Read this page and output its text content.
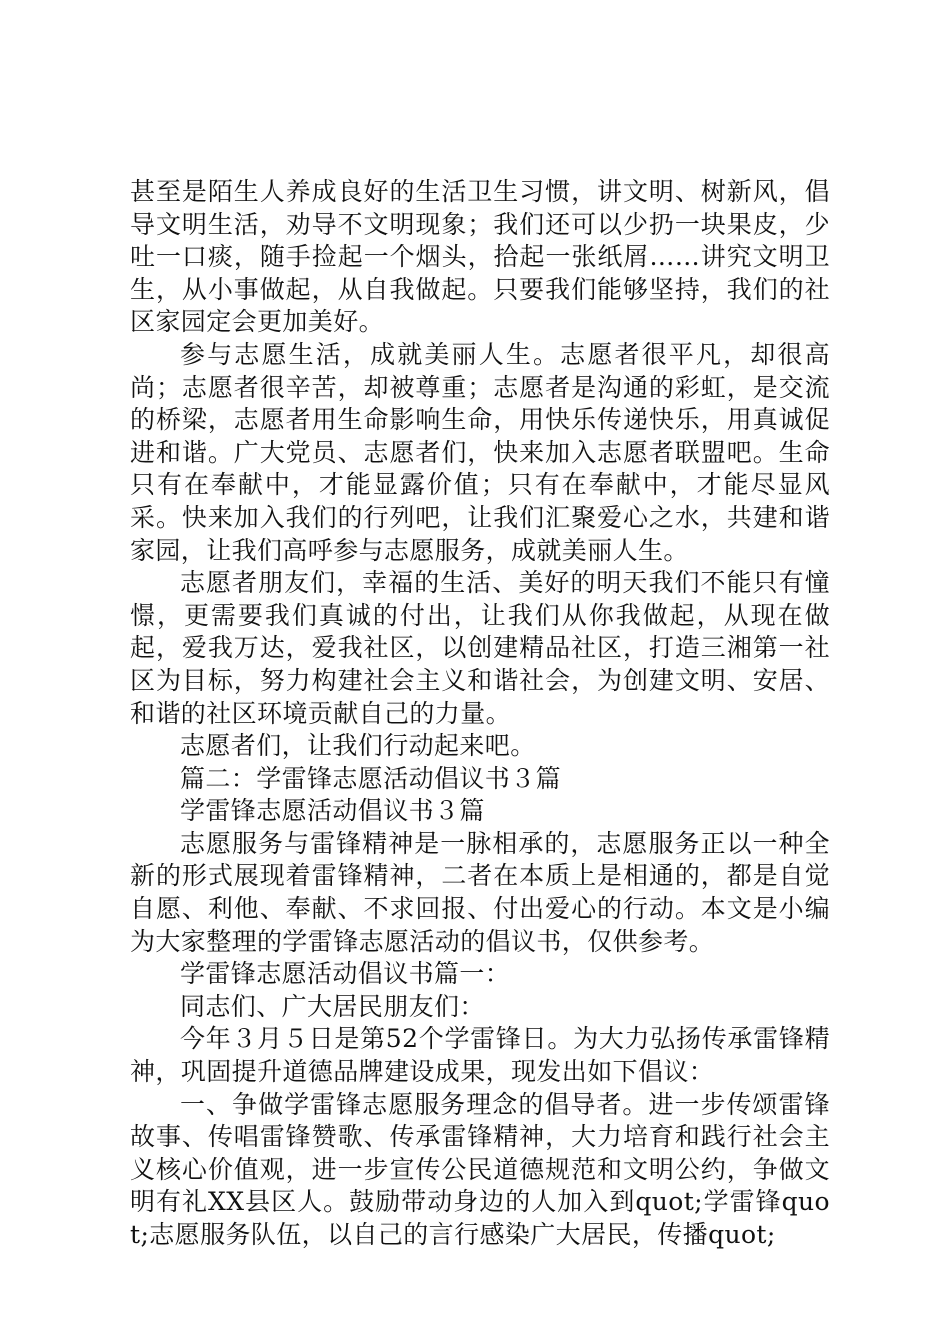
甚至是陌生人养成良好的生活卫生习惯，讲文明、树新风，倡导文明生活，劝导不文明现象；我们还可以少扔一块果皮，少吐一口痰，随手捡起一个烟头，拾起一张纸屑……讲究文明卫生，从小事做起，从自我做起。只要我们能够坚持，我们的社区家园定会更加美好。

参与志愿生活，成就美丽人生。志愿者很平凡，却很高尚；志愿者很辛苦，却被尊重；志愿者是沟通的彩虹，是交流的桥梁，志愿者用生命影响生命，用快乐传递快乐，用真诚促进和谐。广大党员、志愿者们，快来加入志愿者联盟吧。生命只有在奉献中，才能显露价值；只有在奉献中，才能尽显风采。快来加入我们的行列吧，让我们汇聚爱心之水，共建和谐家园，让我们高呼参与志愿服务，成就美丽人生。

志愿者朋友们，幸福的生活、美好的明天我们不能只有憧憬，更需要我们真诚的付出，让我们从你我做起，从现在做起，爱我万达，爱我社区，以创建精品社区，打造三湘第一社区为目标，努力构建社会主义和谐社会，为创建文明、安居、和谐的社区环境贡献自己的力量。

志愿者们，让我们行动起来吧。

篇二：学雷锋志愿活动倡议书３篇

学雷锋志愿活动倡议书３篇

志愿服务与雷锋精神是一脉相承的，志愿服务正以一种全新的形式展现着雷锋精神，二者在本质上是相通的，都是自觉自愿、利他、奉献、不求回报、付出爱心的行动。本文是小编为大家整理的学雷锋志愿活动的倡议书，仅供参考。

学雷锋志愿活动倡议书篇一：

同志们、广大居民朋友们：

今年３月５日是第52个学雷锋日。为大力弘扬传承雷锋精神，巩固提升道德品牌建设成果，现发出如下倡议：

一、争做学雷锋志愿服务理念的倡导者。进一步传颂雷锋故事、传唱雷锋赞歌、传承雷锋精神，大力培育和践行社会主义核心价值观，进一步宣传公民道德规范和文明公约，争做文明有礼XX县区人。鼓励带动身边的人加入到quot;学雷锋quot;志愿服务队伍，以自己的言行感染广大居民，传播quot;
